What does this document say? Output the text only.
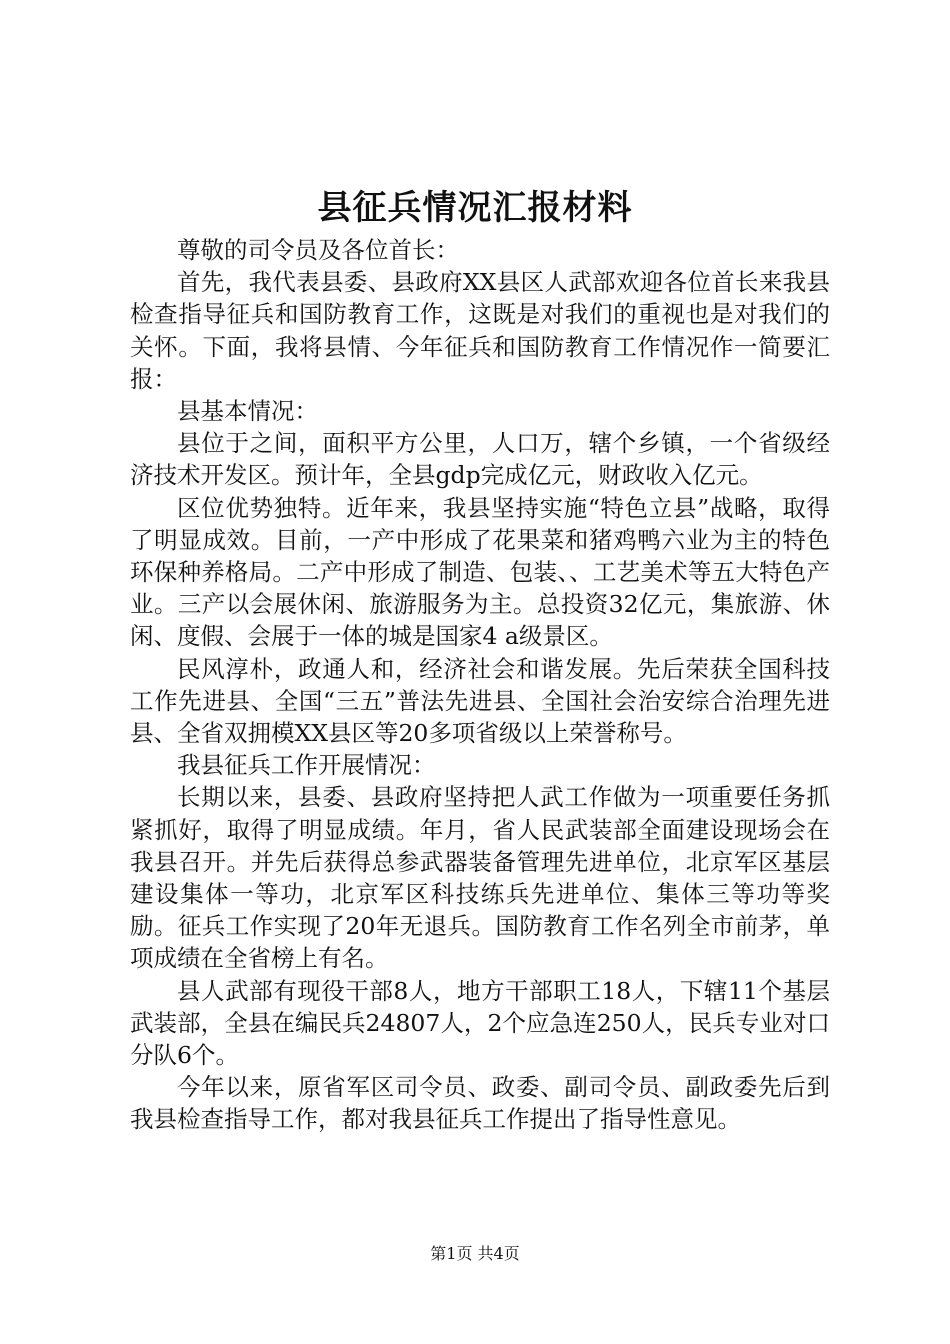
县征兵情况汇报材料

尊敬的司令员及各位首长：

首先，我代表县委、县政府XX县区人武部欢迎各位首长来我县检查指导征兵和国防教育工作，这既是对我们的重视也是对我们的关怀。下面，我将县情、今年征兵和国防教育工作情况作一简要汇报：

县基本情况：

县位于之间，面积平方公里，人口万，辖个乡镇，一个省级经济技术开发区。预计年，全县gdp完成亿元，财政收入亿元。

区位优势独特。近年来，我县坚持实施“特色立县”战略，取得了明显成效。目前，一产中形成了花果菜和猪鸡鸭六业为主的特色环保种养格局。二产中形成了制造、包装、、工艺美术等五大特色产业。三产以会展休闲、旅游服务为主。总投资32亿元，集旅游、休闲、度假、会展于一体的城是国家4 a级景区。

民风淳朴，政通人和，经济社会和谐发展。先后荣获全国科技工作先进县、全国“三五”普法先进县、全国社会治安综合治理先进县、全省双拥模XX县区等20多项省级以上荣誉称号。

我县征兵工作开展情况：

长期以来，县委、县政府坚持把人武工作做为一项重要任务抓紧抓好，取得了明显成绩。年月，省人民武装部全面建设现场会在我县召开。并先后获得总参武器装备管理先进单位，北京军区基层建设集体一等功，北京军区科技练兵先进单位、集体三等功等奖励。征兵工作实现了20年无退兵。国防教育工作名列全市前茅，单项成绩在全省榜上有名。

县人武部有现役干部8人，地方干部职工18人，下辖11个基层武装部，全县在编民兵24807人，2个应急连250人，民兵专业对口分队6个。

今年以来，原省军区司令员、政委、副司令员、副政委先后到我县检查指导工作，都对我县征兵工作提出了指导性意见。

第1页 共4页
